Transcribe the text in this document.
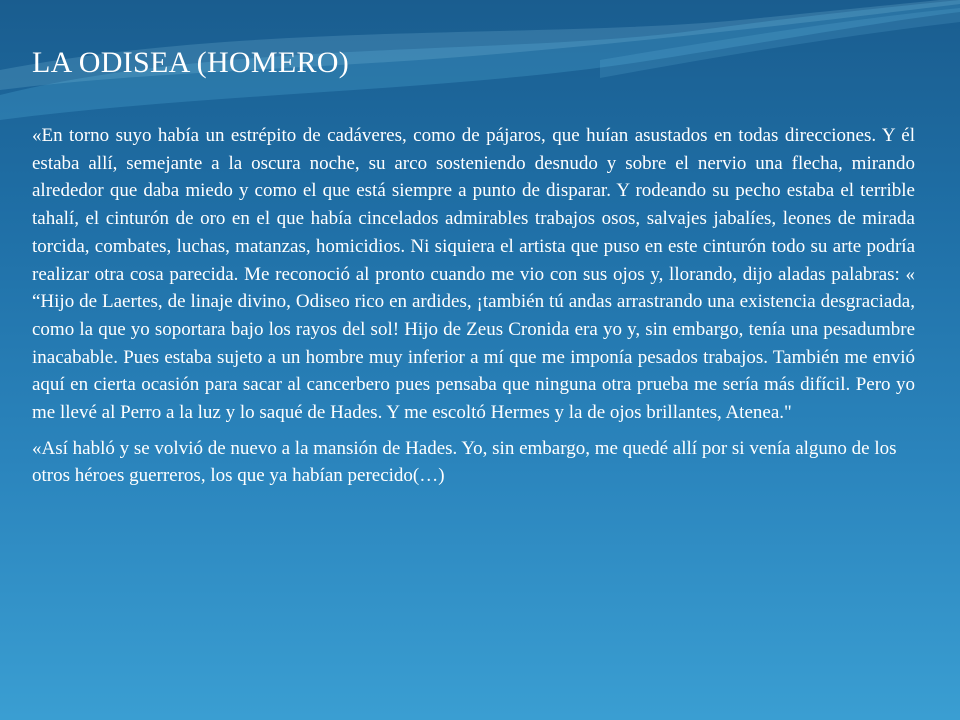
LA ODISEA (HOMERO)

«En torno suyo había un estrépito de cadáveres, como de pájaros, que huían asustados en todas direcciones. Y él estaba allí, semejante a la oscura noche, su arco sosteniendo desnudo y sobre el nervio una flecha, mirando alrededor que daba miedo y como el que está siempre a punto de disparar. Y rodeando su pecho estaba el terrible tahalí, el cinturón de oro en el que había cincelados admirables trabajos osos, salvajes jabalíes, leones de mirada torcida, combates, luchas, matanzas, homicidios. Ni siquiera el artista que puso en este cinturón todo su arte podría realizar otra cosa parecida. Me reconoció al pronto cuando me vio con sus ojos y, llorando, dijo aladas palabras: « “Hijo de Laertes, de linaje divino, Odiseo rico en ardides, ¡también tú andas arrastrando una existencia desgraciada, como la que yo soportara bajo los rayos del sol! Hijo de Zeus Cronida era yo y, sin embargo, tenía una pesadumbre inacabable. Pues estaba sujeto a un hombre muy inferior a mí que me imponía pesados trabajos. También me envió aquí en cierta ocasión para sacar al cancerbero pues pensaba que ninguna otra prueba me sería más difícil. Pero yo me llevé al Perro a la luz y lo saqué de Hades. Y me escoltó Hermes y la de ojos brillantes, Atenea."

«Así habló y se volvió de nuevo a la mansión de Hades. Yo, sin embargo, me quedé allí por si venía alguno de los otros héroes guerreros, los que ya habían perecido(…)
